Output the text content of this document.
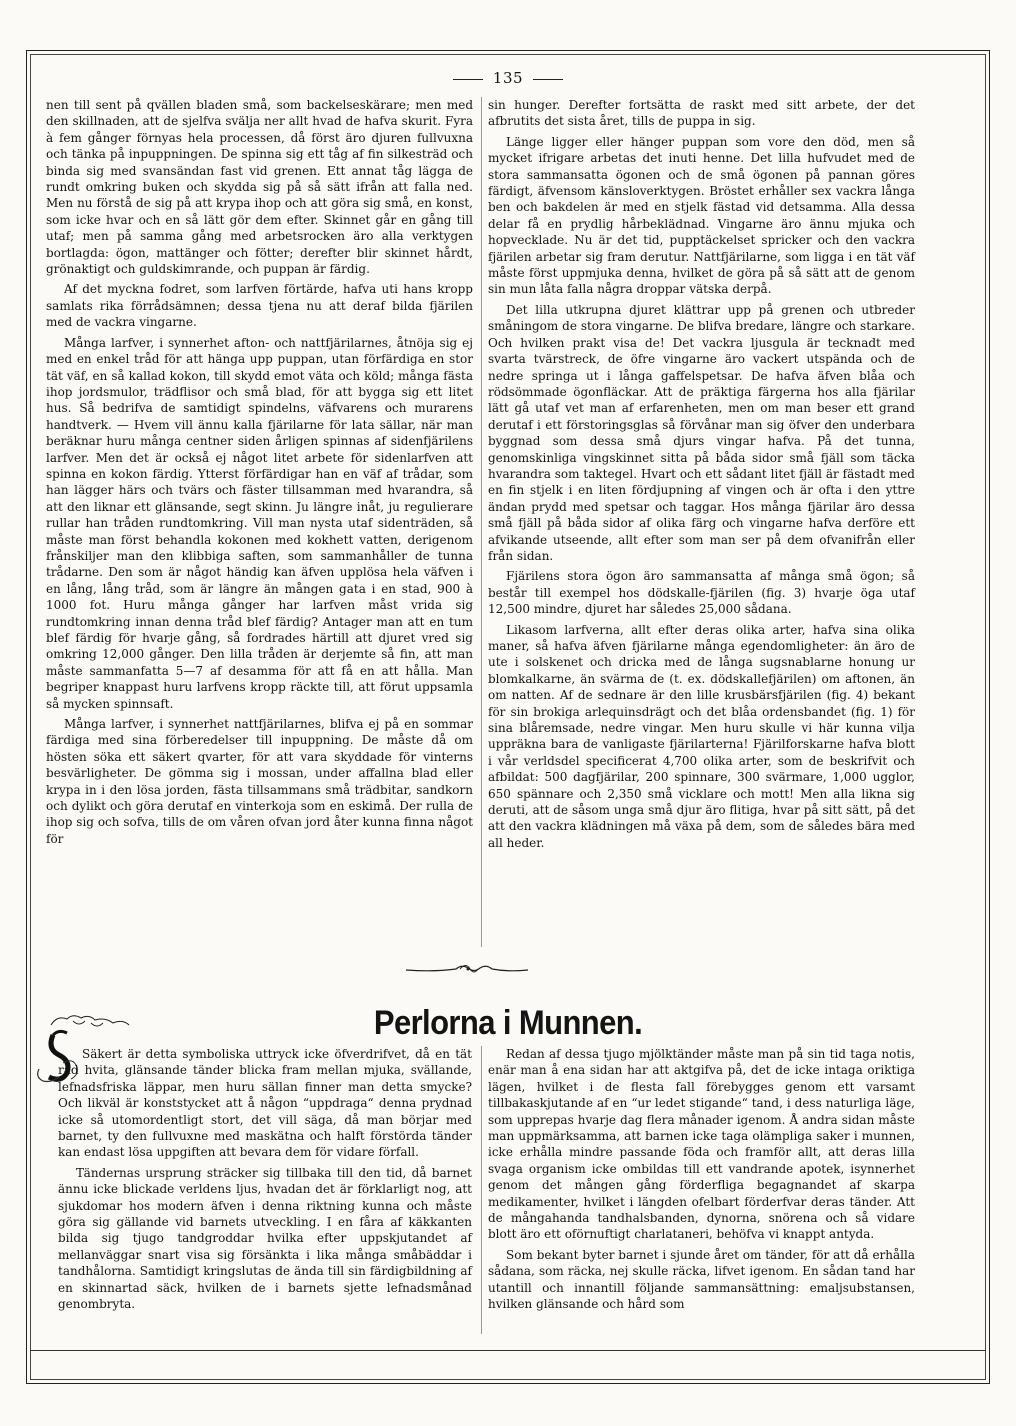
135

nen till sent på qvällen bladen små, som backelseskärare; men med den skillnaden, att de sjelfva svälja ner allt hvad de hafva skurit. Fyra à fem gånger förnyas hela processen, då först äro djuren fullvuxna och tänka på inpuppningen. De spinna sig ett tåg af fin silkesträd och binda sig med svansändan fast vid grenen. Ett annat tåg lägga de rundt omkring buken och skydda sig på så sätt ifrån att falla ned. Men nu förstå de sig på att krypa ihop och att göra sig små, en konst, som icke hvar och en så lätt gör dem efter. Skinnet går en gång till utaf; men på samma gång med arbetsrocken äro alla verktygen bortlagda: ögon, mattänger och fötter; derefter blir skinnet hårdt, grönaktigt och guldskimrande, och puppan är färdig.

Af det myckna fodret, som larfven förtärde, hafva uti hans kropp samlats rika förrådsämnen; dessa tjena nu att deraf bilda fjärilen med de vackra vingarne.

Många larfver, i synnerhet afton- och nattfjärilarnes, åtnöja sig ej med en enkel tråd för att hänga upp puppan, utan förfärdiga en stor tät väf, en så kallad kokon, till skydd emot väta och köld; många fästa ihop jordsmulor, trädflisor och små blad, för att bygga sig ett litet hus. Så bedrifva de samtidigt spindelns, väfvarens och murarens handtverk. — Hvem vill ännu kalla fjärilarne för lata sällar, när man beräknar huru många centner siden årligen spinnas af sidenfjärilens larfver. Men det är också ej något litet arbete för sidenlarfven att spinna en kokon färdig. Ytterst förfärdigar han en väf af trådar, som han lägger härs och tvärs och fäster tillsamman med hvarandra, så att den liknar ett glänsande, segt skinn. Ju längre inåt, ju regulierare rullar han tråden rundtomkring. Vill man nysta utaf sidenträden, så måste man först behandla kokonen med kokhett vatten, derigenom frånskiljer man den klibbiga saften, som sammanhåller de tunna trådarne. Den som är något händig kan äfven upplösa hela väfven i en lång, lång tråd, som är längre än mången gata i en stad, 900 à 1000 fot. Huru många gånger har larfven måst vrida sig rundtomkring innan denna tråd blef färdig? Antager man att en tum blef färdig för hvarje gång, så fordrades härtill att djuret vred sig omkring 12,000 gånger. Den lilla tråden är derjemte så fin, att man måste sammanfatta 5—7 af desamma för att få en att hålla. Man begriper knappast huru larfvens kropp räckte till, att förut uppsamla så mycken spinnsaft.

Många larfver, i synnerhet nattfjärilarnes, blifva ej på en sommar färdiga med sina förberedelser till inpuppning. De måste då om hösten söka ett säkert qvarter, för att vara skyddade för vinterns besvärligheter. De gömma sig i mossan, under affallna blad eller krypa in i den lösa jorden, fästa tillsammans små trädbitar, sandkorn och dylikt och göra derutaf en vinterkoja som en eskimå. Der rulla de ihop sig och sofva, tills de om våren ofvan jord åter kunna finna något för

sin hunger. Derefter fortsätta de raskt med sitt arbete, der det afbrutits det sista året, tills de puppa in sig.

Länge ligger eller hänger puppan som vore den död, men så mycket ifrigare arbetas det inuti henne. Det lilla hufvudet med de stora sammansatta ögonen och de små ögonen på pannan göres färdigt, äfvensom känsloverktygen. Bröstet erhåller sex vackra långa ben och bakdelen är med en stjelk fästad vid detsamma. Alla dessa delar få en prydlig hårbeklädnad. Vingarne äro ännu mjuka och hopvecklade. Nu är det tid, pupptäckelset spricker och den vackra fjärilen arbetar sig fram derutur. Nattfjärilarne, som ligga i en tät väf måste först uppmjuka denna, hvilket de göra på så sätt att de genom sin mun låta falla några droppar vätska derpå.

Det lilla utkrupna djuret klättrar upp på grenen och utbreder småningom de stora vingarne. De blifva bredare, längre och starkare. Och hvilken prakt visa de! Det vackra ljusgula är tecknadt med svarta tvärstreck, de öfre vingarne äro vackert utspända och de nedre springa ut i långa gaffelspetsar. De hafva äfven blåa och rödsömmade ögonfläckar. Att de präktiga färgerna hos alla fjärilar lätt gå utaf vet man af erfarenheten, men om man beser ett grand derutaf i ett förstoringsglas så förvånar man sig öfver den underbara byggnad som dessa små djurs vingar hafva. På det tunna, genomskinliga vingskinnet sitta på båda sidor små fjäll som täcka hvarandra som taktegel. Hvart och ett sådant litet fjäll är fästadt med en fin stjelk i en liten fördjupning af vingen och är ofta i den yttre ändan prydd med spetsar och taggar. Hos många fjärilar äro dessa små fjäll på båda sidor af olika färg och vingarne hafva derföre ett afvikande utseende, allt efter som man ser på dem ofvanifrån eller från sidan.

Fjärilens stora ögon äro sammansatta af många små ögon; så består till exempel hos dödskalle-fjärilen (fig. 3) hvarje öga utaf 12,500 mindre, djuret har således 25,000 sådana.

Likasom larfverna, allt efter deras olika arter, hafva sina olika maner, så hafva äfven fjärilarne många egendomligheter: än äro de ute i solskenet och dricka med de långa sugsnablarne honung ur blomkalkarne, än svärma de (t. ex. dödskallefjärilen) om aftonen, än om natten. Af de sednare är den lille krusbärsfjärilen (fig. 4) bekant för sin brokiga arlequinsdrägt och det blåa ordensbandet (fig. 1) för sina blåremsade, nedre vingar. Men huru skulle vi här kunna vilja uppräkna bara de vanligaste fjärilarterna! Fjärilforskarne hafva blott i vår verldsdel specificerat 4,700 olika arter, som de beskrifvit och afbildat: 500 dagfjärilar, 200 spinnare, 300 svärmare, 1,000 ugglor, 650 spännare och 2,350 små vicklare och mott! Men alla likna sig deruti, att de såsom unga små djur äro flitiga, hvar på sitt sätt, på det att den vackra klädningen må växa på dem, som de således bära med all heder.

Perlorna i Munnen.

Säkert är detta symboliska uttryck icke öfverdrifvet, då en tät rad hvita, glänsande tänder blicka fram mellan mjuka, svällande, lefnadsfriska läppar, men huru sällan finner man detta smycke? Och likväl är konststycket att å någon “uppdraga“ denna prydnad icke så utomordentligt stort, det vill säga, då man börjar med barnet, ty den fullvuxne med maskätna och halft förstörda tänder kan endast lösa uppgiften att bevara dem för vidare förfall.

Tändernas ursprung sträcker sig tillbaka till den tid, då barnet ännu icke blickade verldens ljus, hvadan det är förklarligt nog, att sjukdomar hos modern äfven i denna riktning kunna och måste göra sig gällande vid barnets utveckling. I en fåra af käkkanten bilda sig tjugo tandgroddar hvilka efter uppskjutandet af mellanväggar snart visa sig försänkta i lika många småbäddar i tandhålorna. Samtidigt kringslutas de ända till sin färdigbildning af en skinnartad säck, hvilken de i barnets sjette lefnadsmånad genombryta.

Redan af dessa tjugo mjölktänder måste man på sin tid taga notis, enär man å ena sidan har att aktgifva på, det de icke intaga oriktiga lägen, hvilket i de flesta fall förebygges genom ett varsamt tillbakaskjutande af en “ur ledet stigande“ tand, i dess naturliga läge, som upprepas hvarje dag flera månader igenom. Å andra sidan måste man uppmärksamma, att barnen icke taga olämpliga saker i munnen, icke erhålla mindre passande föda och framför allt, att deras lilla svaga organism icke ombildas till ett vandrande apotek, isynnerhet genom det mången gång förderfliga begagnandet af skarpa medikamenter, hvilket i längden ofelbart förderfvar deras tänder. Att de mångahanda tandhalsbanden, dynorna, snörena och så vidare blott äro ett oförnuftigt charlataneri, behöfva vi knappt antyda.

Som bekant byter barnet i sjunde året om tänder, för att då erhålla sådana, som räcka, nej skulle räcka, lifvet igenom. En sådan tand har utantill och innantill följande sammansättning: emaljsubstansen, hvilken glänsande och hård som
